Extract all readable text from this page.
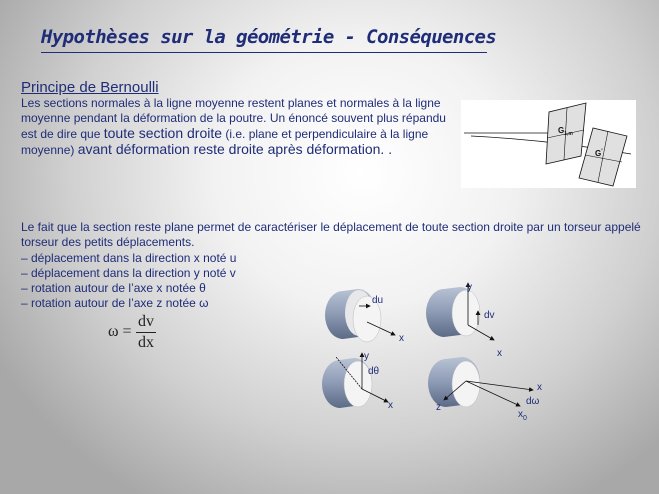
Hypothèses sur la géométrie - Conséquences
Principe de Bernoulli
Les sections normales à la ligne moyenne restent planes et normales à la ligne moyenne pendant la déformation de la poutre. Un énoncé souvent plus répandu est de dire que toute section droite (i.e. plane et perpendiculaire à la ligne moyenne) avant déformation reste droite après déformation. .
$G_{1,m}$
G'
Le fait que la section reste plane permet de caractériser le déplacement de toute section droite par un torseur appelé torseur des petits déplacements.
– déplacement dans la direction x noté u
– déplacement dans la direction y noté v
– rotation autour de l’axe x notée θ
– rotation autour de l’axe z notée ω
ω =
dv
dx
du
x
y
dv
x
y
dθ
x
x
dω
z
$x_0$
